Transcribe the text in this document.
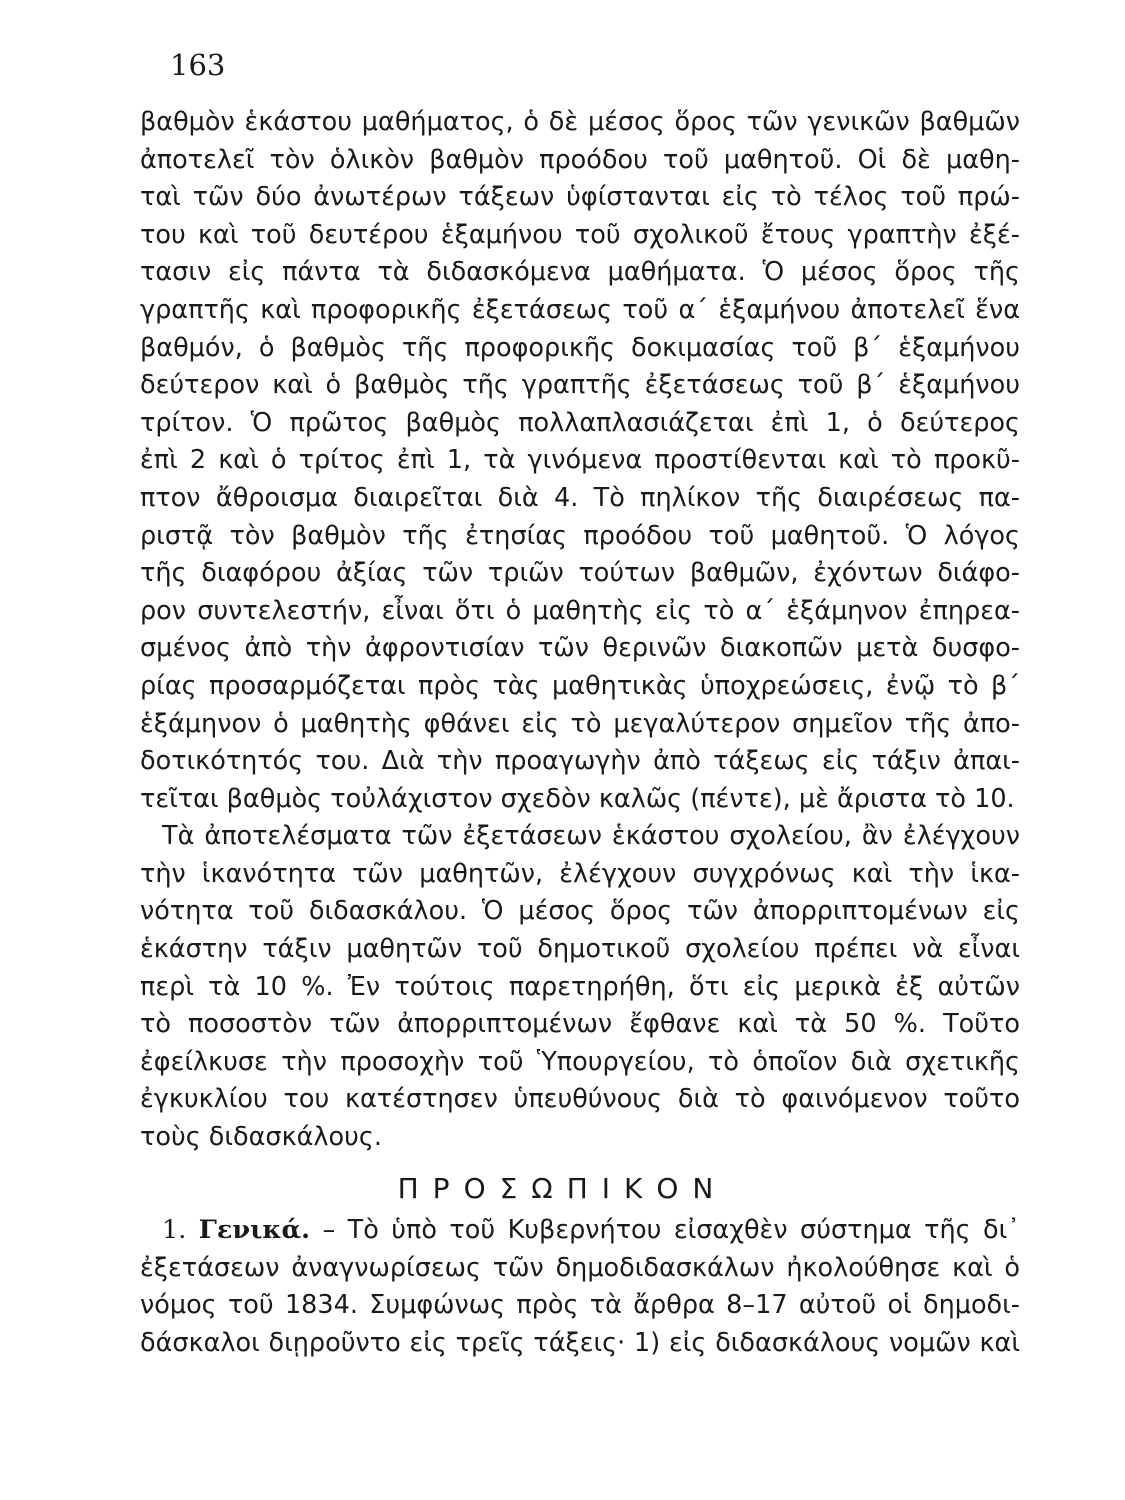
163
βαθμὸν ἑκάστου μαθήματος, ὁ δὲ μέσος ὅρος τῶν γενικῶν βαθμῶν
ἀποτελεῖ τὸν ὁλικὸν βαθμὸν προόδου τοῦ μαθητοῦ. Οἱ δὲ μαθη-
ταὶ τῶν δύο ἀνωτέρων τάξεων ὑφίστανται εἰς τὸ τέλος τοῦ πρώ-
του καὶ τοῦ δευτέρου ἑξαμήνου τοῦ σχολικοῦ ἔτους γραπτὴν ἐξέ-
τασιν εἰς πάντα τὰ διδασκόμενα μαθήματα. Ὁ μέσος ὅρος τῆς
γραπτῆς καὶ προφορικῆς ἐξετάσεως τοῦ α΄ ἑξαμήνου ἀποτελεῖ ἕνα
βαθμόν, ὁ βαθμὸς τῆς προφορικῆς δοκιμασίας τοῦ β΄ ἑξαμήνου
δεύτερον καὶ ὁ βαθμὸς τῆς γραπτῆς ἐξετάσεως τοῦ β΄ ἑξαμήνου
τρίτον. Ὁ πρῶτος βαθμὸς πολλαπλασιάζεται ἐπὶ 1, ὁ δεύτερος
ἐπὶ 2 καὶ ὁ τρίτος ἐπὶ 1, τὰ γινόμενα προστίθενται καὶ τὸ προκῦ-
πτον ἄθροισμα διαιρεῖται διὰ 4. Τὸ πηλίκον τῆς διαιρέσεως πα-
ριστᾷ τὸν βαθμὸν τῆς ἐτησίας προόδου τοῦ μαθητοῦ. Ὁ λόγος
τῆς διαφόρου ἀξίας τῶν τριῶν τούτων βαθμῶν, ἐχόντων διάφο-
ρον συντελεστήν, εἶναι ὅτι ὁ μαθητὴς εἰς τὸ α΄ ἑξάμηνον ἐπηρεα-
σμένος ἀπὸ τὴν ἀφροντισίαν τῶν θερινῶν διακοπῶν μετὰ δυσφο-
ρίας προσαρμόζεται πρὸς τὰς μαθητικὰς ὑποχρεώσεις, ἐνῷ τὸ β΄
ἑξάμηνον ὁ μαθητὴς φθάνει εἰς τὸ μεγαλύτερον σημεῖον τῆς ἀπο-
δοτικότητός του. Διὰ τὴν προαγωγὴν ἀπὸ τάξεως εἰς τάξιν ἀπαι-
τεῖται βαθμὸς τοὐλάχιστον σχεδὸν καλῶς (πέντε), μὲ ἄριστα τὸ 10.
Τὰ ἀποτελέσματα τῶν ἐξετάσεων ἑκάστου σχολείου, ἂν ἐλέγχουν
τὴν ἱκανότητα τῶν μαθητῶν, ἐλέγχουν συγχρόνως καὶ τὴν ἱκα-
νότητα τοῦ διδασκάλου. Ὁ μέσος ὅρος τῶν ἀπορριπτομένων εἰς
ἑκάστην τάξιν μαθητῶν τοῦ δημοτικοῦ σχολείου πρέπει νὰ εἶναι
περὶ τὰ 10 %. Ἐν τούτοις παρετηρήθη, ὅτι εἰς μερικὰ ἐξ αὐτῶν
τὸ ποσοστὸν τῶν ἀπορριπτομένων ἔφθανε καὶ τὰ 50 %. Τοῦτο
ἐφείλκυσε τὴν προσοχὴν τοῦ Ὑπουργείου, τὸ ὁποῖον διὰ σχετικῆς
ἐγκυκλίου του κατέστησεν ὑπευθύνους διὰ τὸ φαινόμενον τοῦτο
τοὺς διδασκάλους.
ΠΡΟΣΩΠΙΚΟΝ
1. Γενικά. – Τὸ ὑπὸ τοῦ Κυβερνήτου εἰσαχθὲν σύστημα τῆς δι᾽
ἐξετάσεων ἀναγνωρίσεως τῶν δημοδιδασκάλων ἠκολούθησε καὶ ὁ
νόμος τοῦ 1834. Συμφώνως πρὸς τὰ ἄρθρα 8–17 αὐτοῦ οἱ δημοδι-
δάσκαλοι διῃροῦντο εἰς τρεῖς τάξεις· 1) εἰς διδασκάλους νομῶν καὶ
